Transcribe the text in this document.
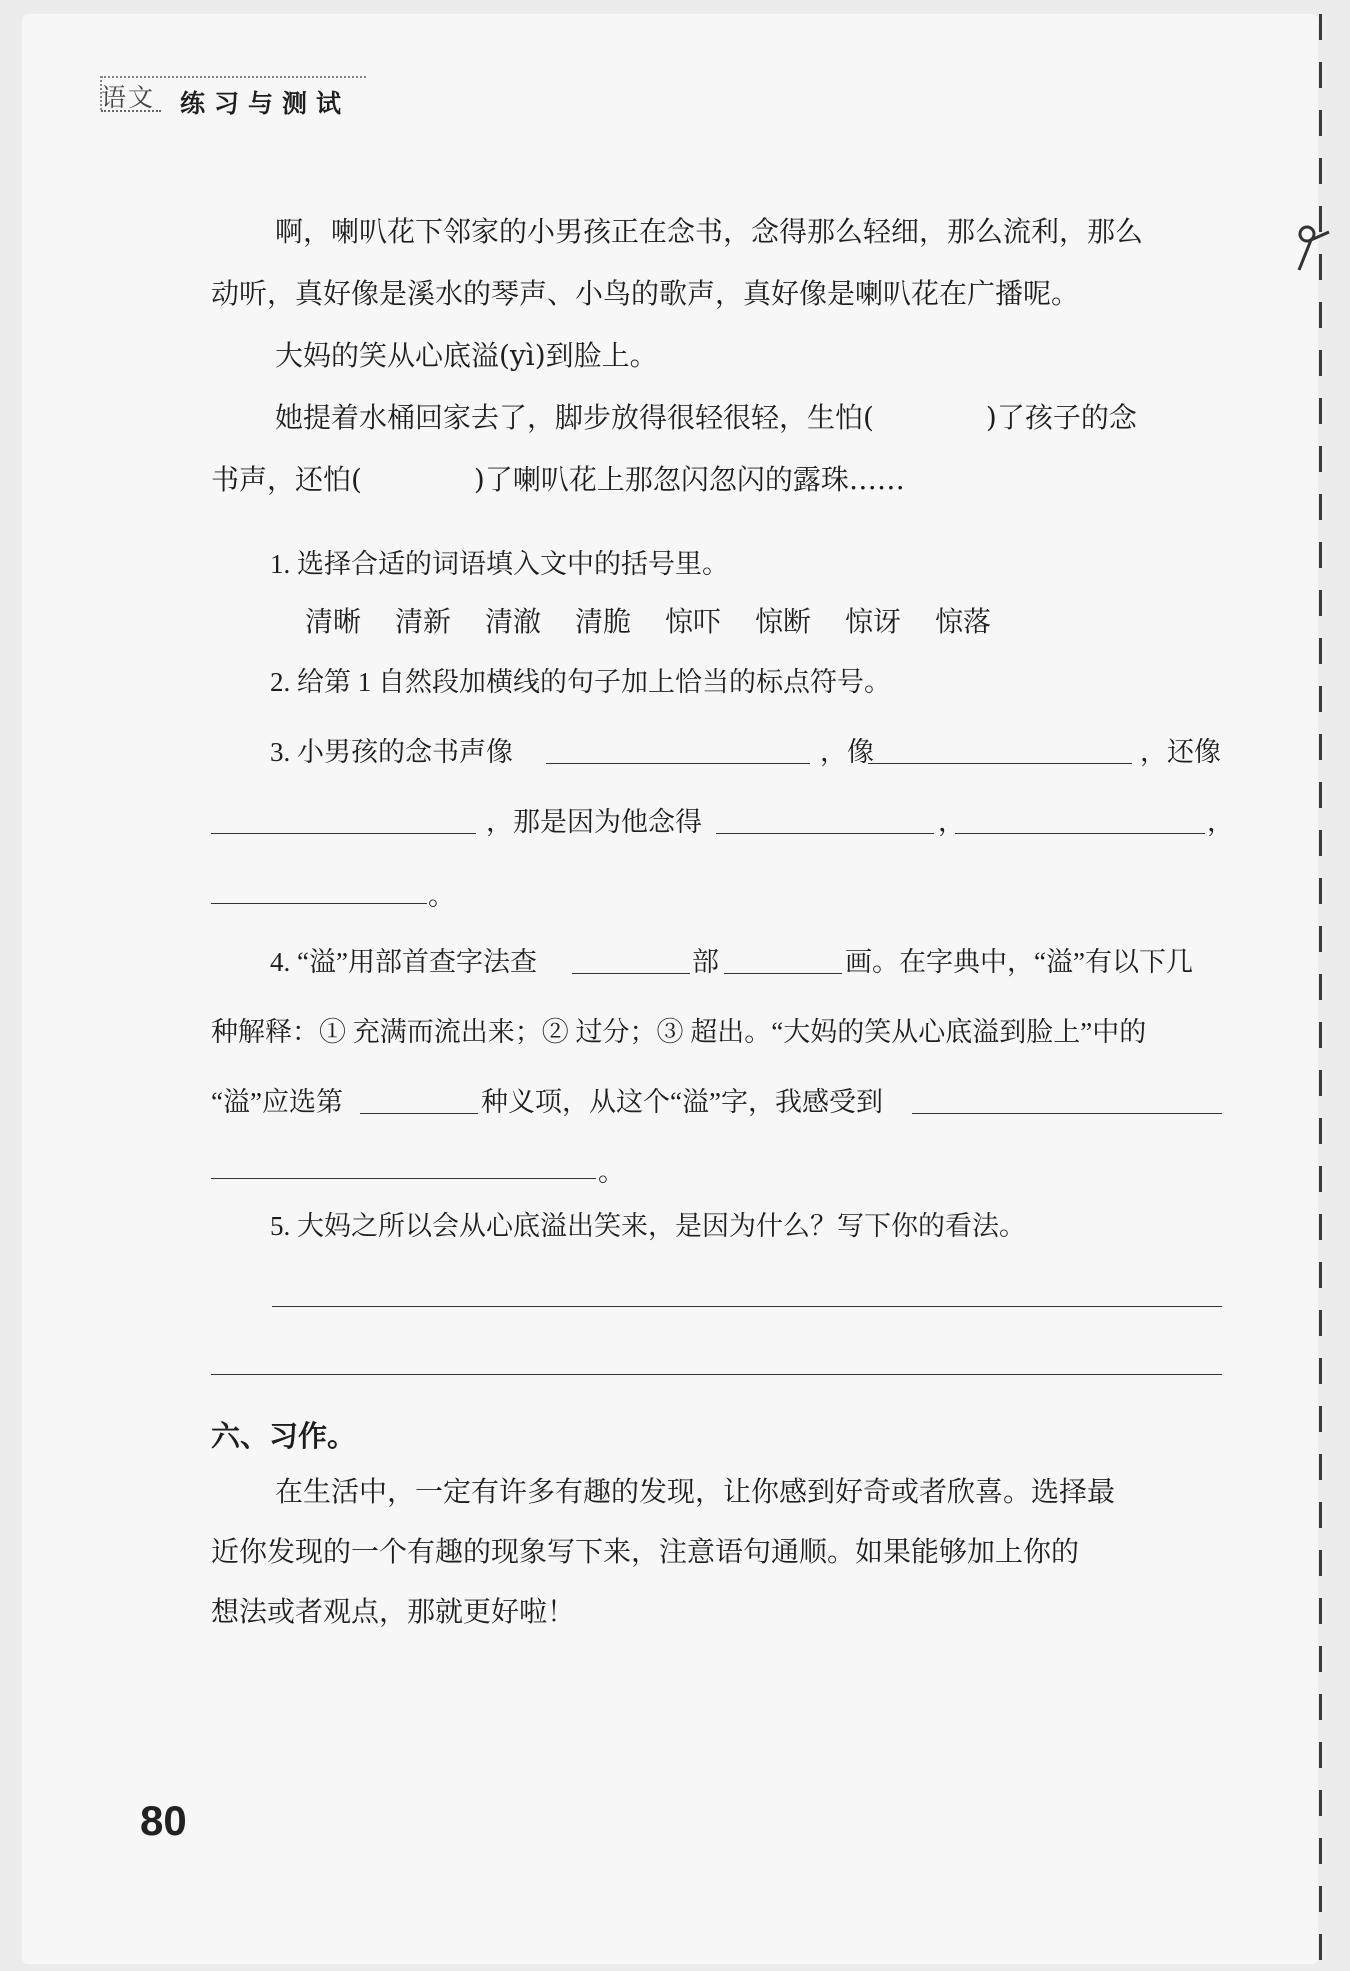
语文 练习与测试
啊，喇叭花下邻家的小男孩正在念书，念得那么轻细，那么流利，那么
动听，真好像是溪水的琴声、小鸟的歌声，真好像是喇叭花在广播呢。
大妈的笑从心底溢(yì)到脸上。
她提着水桶回家去了，脚步放得很轻很轻，生怕(　　　　)了孩子的念
书声，还怕(　　　　)了喇叭花上那忽闪忽闪的露珠……
1. 选择合适的词语填入文中的括号里。
清晰 清新 清澈 清脆 惊吓 惊断 惊讶 惊落
2. 给第 1 自然段加横线的句子加上恰当的标点符号。
3. 小男孩的念书声像	，像	，还像
，那是因为他念得	，	，
。
4. “溢”用部首查字法查	部	画。在字典中，“溢”有以下几
种解释：① 充满而流出来；② 过分；③ 超出。“大妈的笑从心底溢到脸上”中的
“溢”应选第	种义项，从这个“溢”字，我感受到
。
5. 大妈之所以会从心底溢出笑来，是因为什么？写下你的看法。
六、习作。
在生活中，一定有许多有趣的发现，让你感到好奇或者欣喜。选择最
近你发现的一个有趣的现象写下来，注意语句通顺。如果能够加上你的
想法或者观点，那就更好啦！
80
